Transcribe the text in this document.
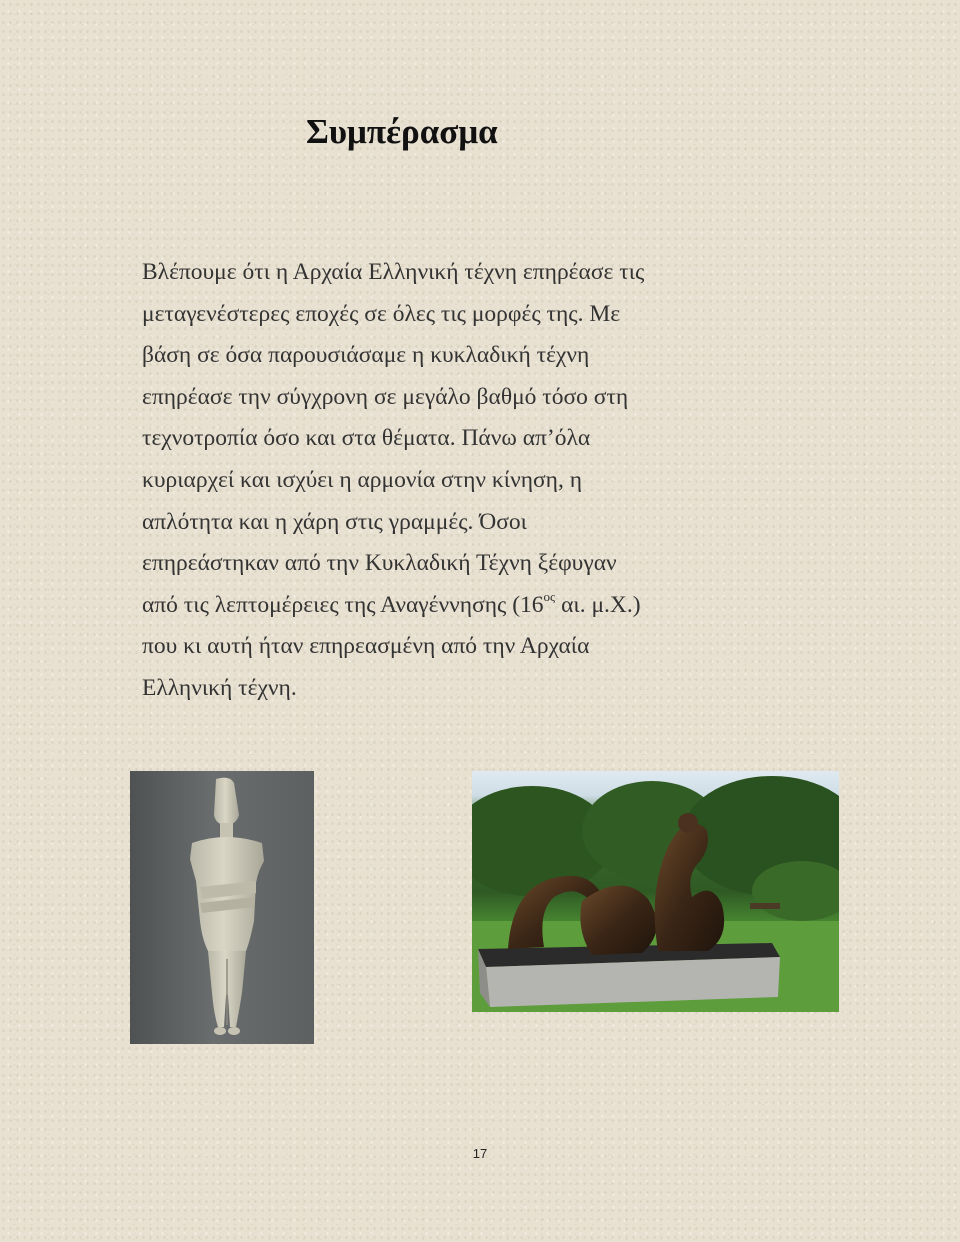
Συμπέρασμα
Βλέπουμε ότι η Αρχαία Ελληνική τέχνη επηρέασε τις
μεταγενέστερες εποχές σε όλες τις μορφές της. Με
βάση σε όσα παρουσιάσαμε η κυκλαδική τέχνη
επηρέασε την σύγχρονη σε μεγάλο βαθμό τόσο στη
τεχνοτροπία όσο και στα θέματα. Πάνω απ’όλα
κυριαρχεί και ισχύει η αρμονία στην κίνηση, η
απλότητα και η χάρη στις γραμμές. Όσοι
επηρεάστηκαν από την Κυκλαδική Τέχνη ξέφυγαν
από τις λεπτομέρειες της Αναγέννησης ($16^{o\varsigma}$ αι. μ.Χ.)
που κι αυτή ήταν επηρεασμένη από την Αρχαία
Ελληνική τέχνη.
17
